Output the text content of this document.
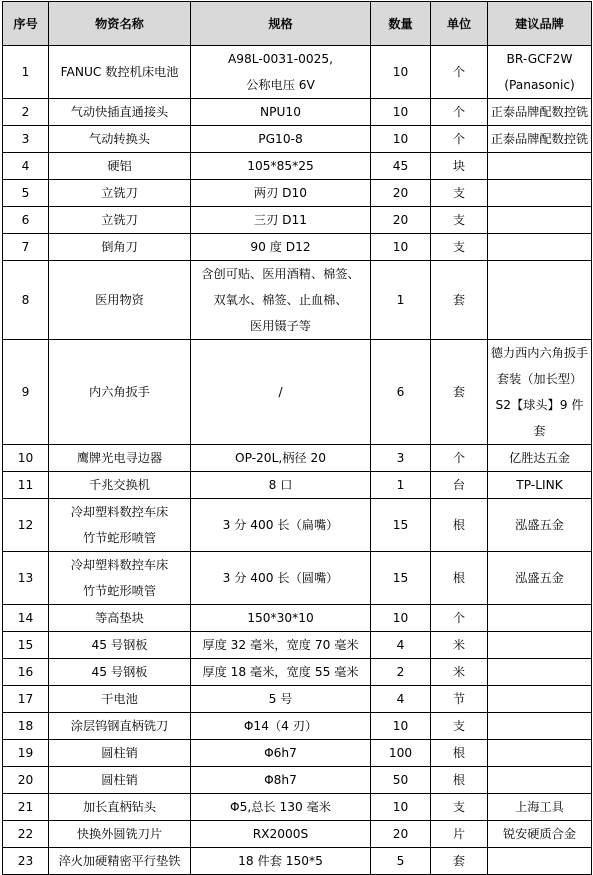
序号	物资名称	规格	数量	单位	建议品牌
1	FANUC 数控机床电池	A98L-0031-0025,
公称电压 6V	10	个	BR-GCF2W
(Panasonic)
2	气动快插直通接头	NPU10	10	个	正泰品牌配数控铣
3	气动转换头	PG10-8	10	个	正泰品牌配数控铣
4	硬铝	105*85*25	45	块	
5	立铣刀	两刃 D10	20	支	
6	立铣刀	三刃 D11	20	支	
7	倒角刀	90 度 D12	10	支	
8	医用物资	含创可贴、医用酒精、棉签、
双氧水、棉签、止血棉、
医用镊子等	1	套	
9	内六角扳手	/	6	套	德力西内六角扳手
套装（加长型）
S2【球头】9 件套
10	鹰牌光电寻边器	OP-20L,柄径 20	3	个	亿胜达五金
11	千兆交换机	8 口	1	台	TP-LINK
12	冷却塑料数控车床
竹节蛇形喷管	3 分 400 长（扁嘴）	15	根	泓盛五金
13	冷却塑料数控车床
竹节蛇形喷管	3 分 400 长（圆嘴）	15	根	泓盛五金
14	等高垫块	150*30*10	10	个	
15	45 号钢板	厚度 32 毫米，宽度 70 毫米	4	米	
16	45 号钢板	厚度 18 毫米，宽度 55 毫米	2	米	
17	干电池	5 号	4	节	
18	涂层钨钢直柄铣刀	Φ14（4 刃）	10	支	
19	圆柱销	Φ6h7	100	根	
20	圆柱销	Φ8h7	50	根	
21	加长直柄钻头	Φ5,总长 130 毫米	10	支	上海工具
22	快换外圆铣刀片	RX2000S	20	片	锐安硬质合金
23	淬火加硬精密平行垫铁	18 件套 150*5	5	套	
